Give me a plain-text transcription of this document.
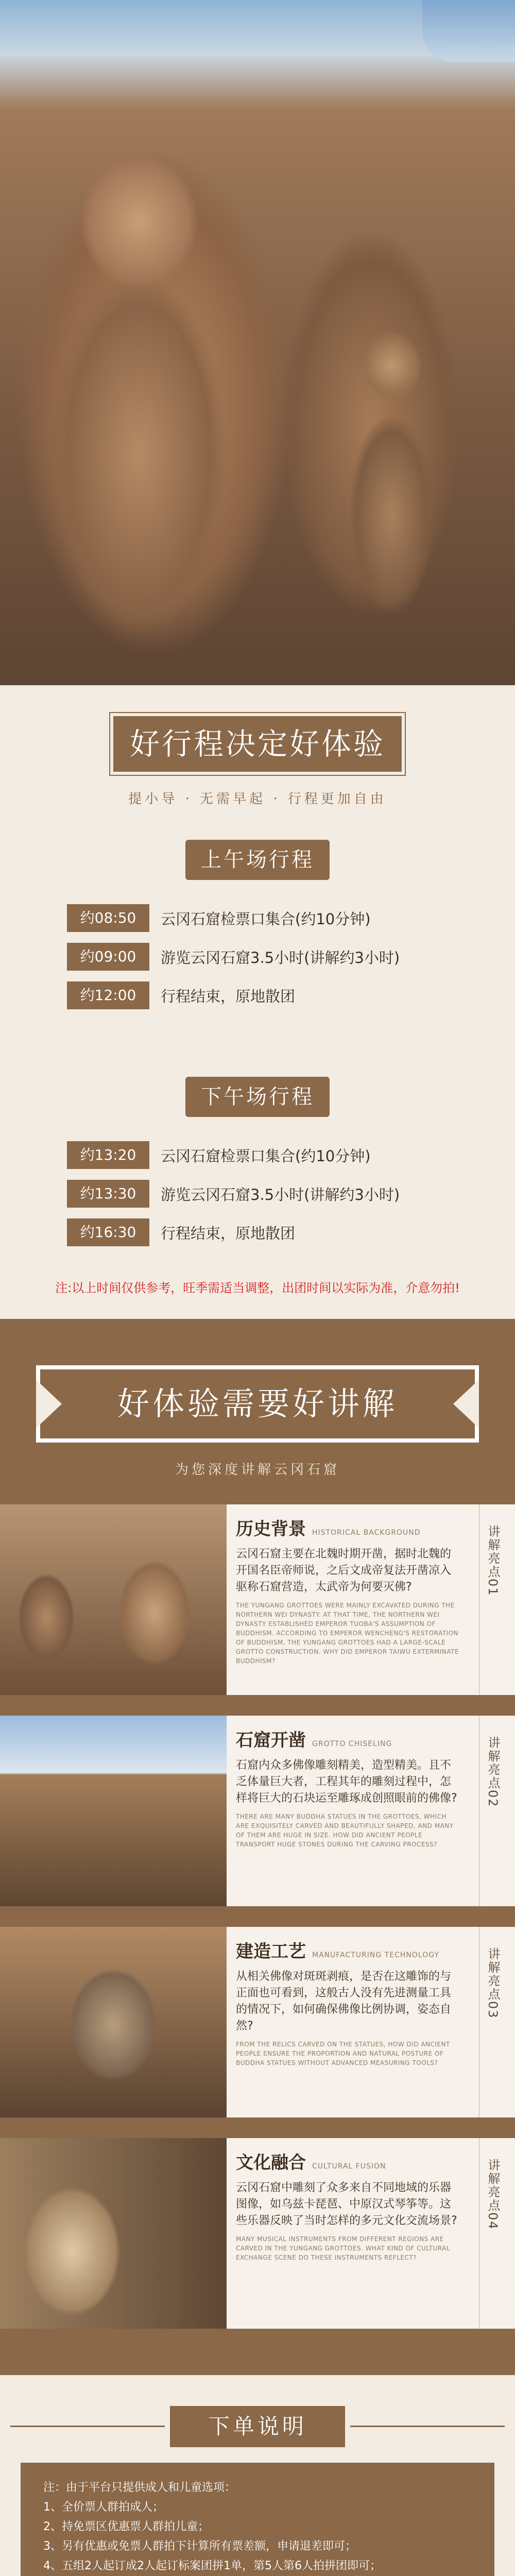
好行程决定好体验
提小导 · 无需早起 · 行程更加自由
上午场行程
约08:50	云冈石窟检票口集合(约10分钟)
约09:00	游览云冈石窟3.5小时(讲解约3小时)
约12:00	行程结束，原地散团
下午场行程
约13:20	云冈石窟检票口集合(约10分钟)
约13:30	游览云冈石窟3.5小时(讲解约3小时)
约16:30	行程结束，原地散团
注:以上时间仅供参考，旺季需适当调整，出团时间以实际为准，介意勿拍!
好体验需要好讲解
为您深度讲解云冈石窟
历史背景 HISTORICAL BACKGROUND
云冈石窟主要在北魏时期开凿，据时北魏的开国名臣帝师说，之后文成帝复法开凿凉入驱称石窟营造，太武帝为何要灭佛?
THE YUNGANG GROTTOES WERE MAINLY EXCAVATED DURING THE NORTHERN WEI DYNASTY. AT THAT TIME, THE NORTHERN WEI DYNASTY ESTABLISHED EMPEROR TUOBA'S ASSUMPTION OF BUDDHISM. ACCORDING TO EMPEROR WENCHENG'S RESTORATION OF BUDDHISM, THE YUNGANG GROTTOES HAD A LARGE-SCALE GROTTO CONSTRUCTION. WHY DID EMPEROR TAIWU EXTERMINATE BUDDHISM?
讲解亮点01
石窟开凿 GROTTO CHISELING
石窟内众多佛像雕刻精美，造型精美。且不乏体量巨大者，工程其年的雕刻过程中，怎样将巨大的石块运至雕琢成创照眼前的佛像?
THERE ARE MANY BUDDHA STATUES IN THE GROTTOES, WHICH ARE EXQUISITELY CARVED AND BEAUTIFULLY SHAPED, AND MANY OF THEM ARE HUGE IN SIZE. HOW DID ANCIENT PEOPLE TRANSPORT HUGE STONES DURING THE CARVING PROCESS?
讲解亮点02
建造工艺 MANUFACTURING TECHNOLOGY
从相关佛像对斑斑剥痕，是否在这雕饰的与正面也可看到，这般古人没有先进测量工具的情况下，如何确保佛像比例协调，姿态自然?
FROM THE RELICS CARVED ON THE STATUES, HOW DID ANCIENT PEOPLE ENSURE THE PROPORTION AND NATURAL POSTURE OF BUDDHA STATUES WITHOUT ADVANCED MEASURING TOOLS?
讲解亮点03
文化融合 CULTURAL FUSION
云冈石窟中雕刻了众多来自不同地域的乐器图像，如乌兹卡琵琶、中原汉式琴筝等。这些乐器反映了当时怎样的多元文化交流场景?
MANY MUSICAL INSTRUMENTS FROM DIFFERENT REGIONS ARE CARVED IN THE YUNGANG GROTTOES. WHAT KIND OF CULTURAL EXCHANGE SCENE DO THESE INSTRUMENTS REFLECT?
讲解亮点04
下单说明
注：由于平台只提供成人和儿童选项：
1、全价票人群拍成人；
2、持免票区优惠票人群拍儿童；
3、另有优惠或免票人群拍下计算所有票差额，申请退差即可；
4、五组2人起订成2人起订标案团拼1单，第5人第6人拍拼团即可；
